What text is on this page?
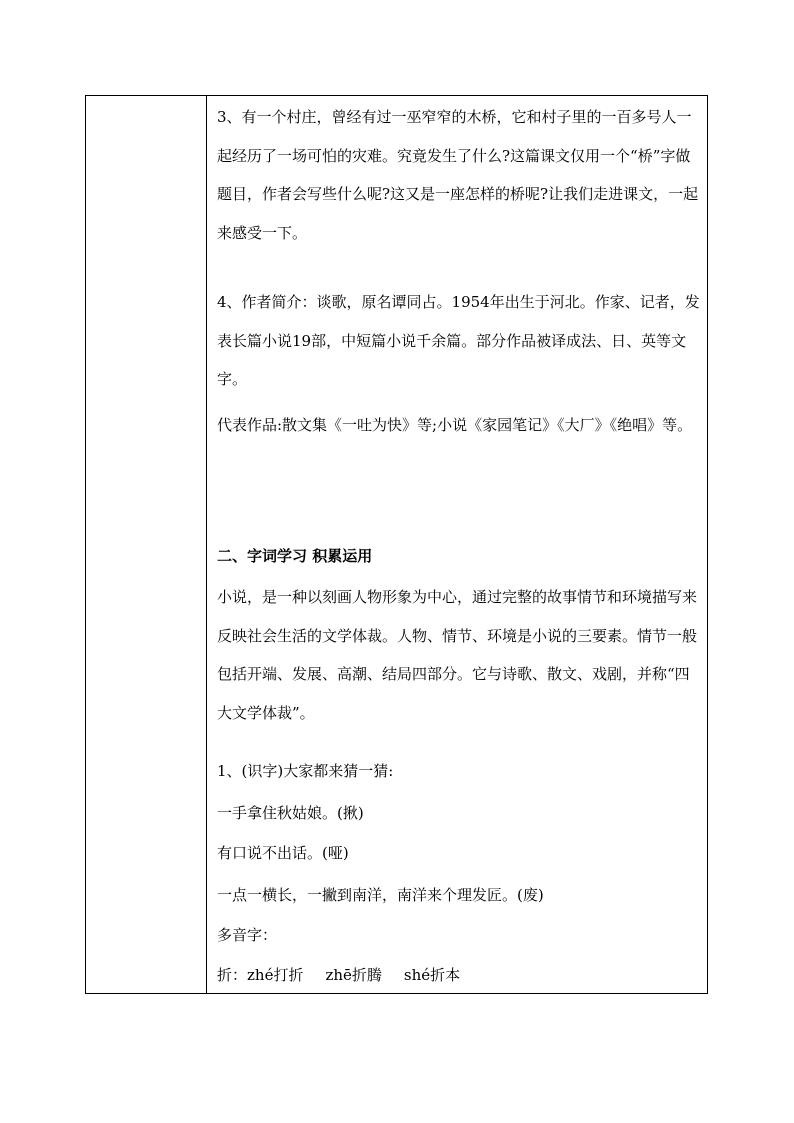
3、有一个村庄，曾经有过一巫窄窄的木桥，它和村子里的一百多号人一起经历了一场可怕的灾难。究竟发生了什么?这篇课文仅用一个“桥”字做题目，作者会写些什么呢?这又是一座怎样的桥呢?让我们走进课文，一起来感受一下。

4、作者简介：谈歌，原名谭同占。1954年出生于河北。作家、记者，发表长篇小说19部，中短篇小说千余篇。部分作品被译成法、日、英等文字。

代表作品:散文集《一吐为快》等;小说《家园笔记》《大厂》《绝唱》等。

二、字词学习 积累运用

小说，是一种以刻画人物形象为中心，通过完整的故事情节和环境描写来反映社会生活的文学体裁。人物、情节、环境是小说的三要素。情节一般包括开端、发展、高潮、结局四部分。它与诗歌、散文、戏剧，并称“四大文学体裁”。

1、(识字)大家都来猜一猜:
一手拿住秋姑娘。(揪)
有口说不出话。(哑)
一点一横长，一撇到南洋，南洋来个理发匠。(废)
多音字：
折：zhé打折 zhē折腾 shé折本
